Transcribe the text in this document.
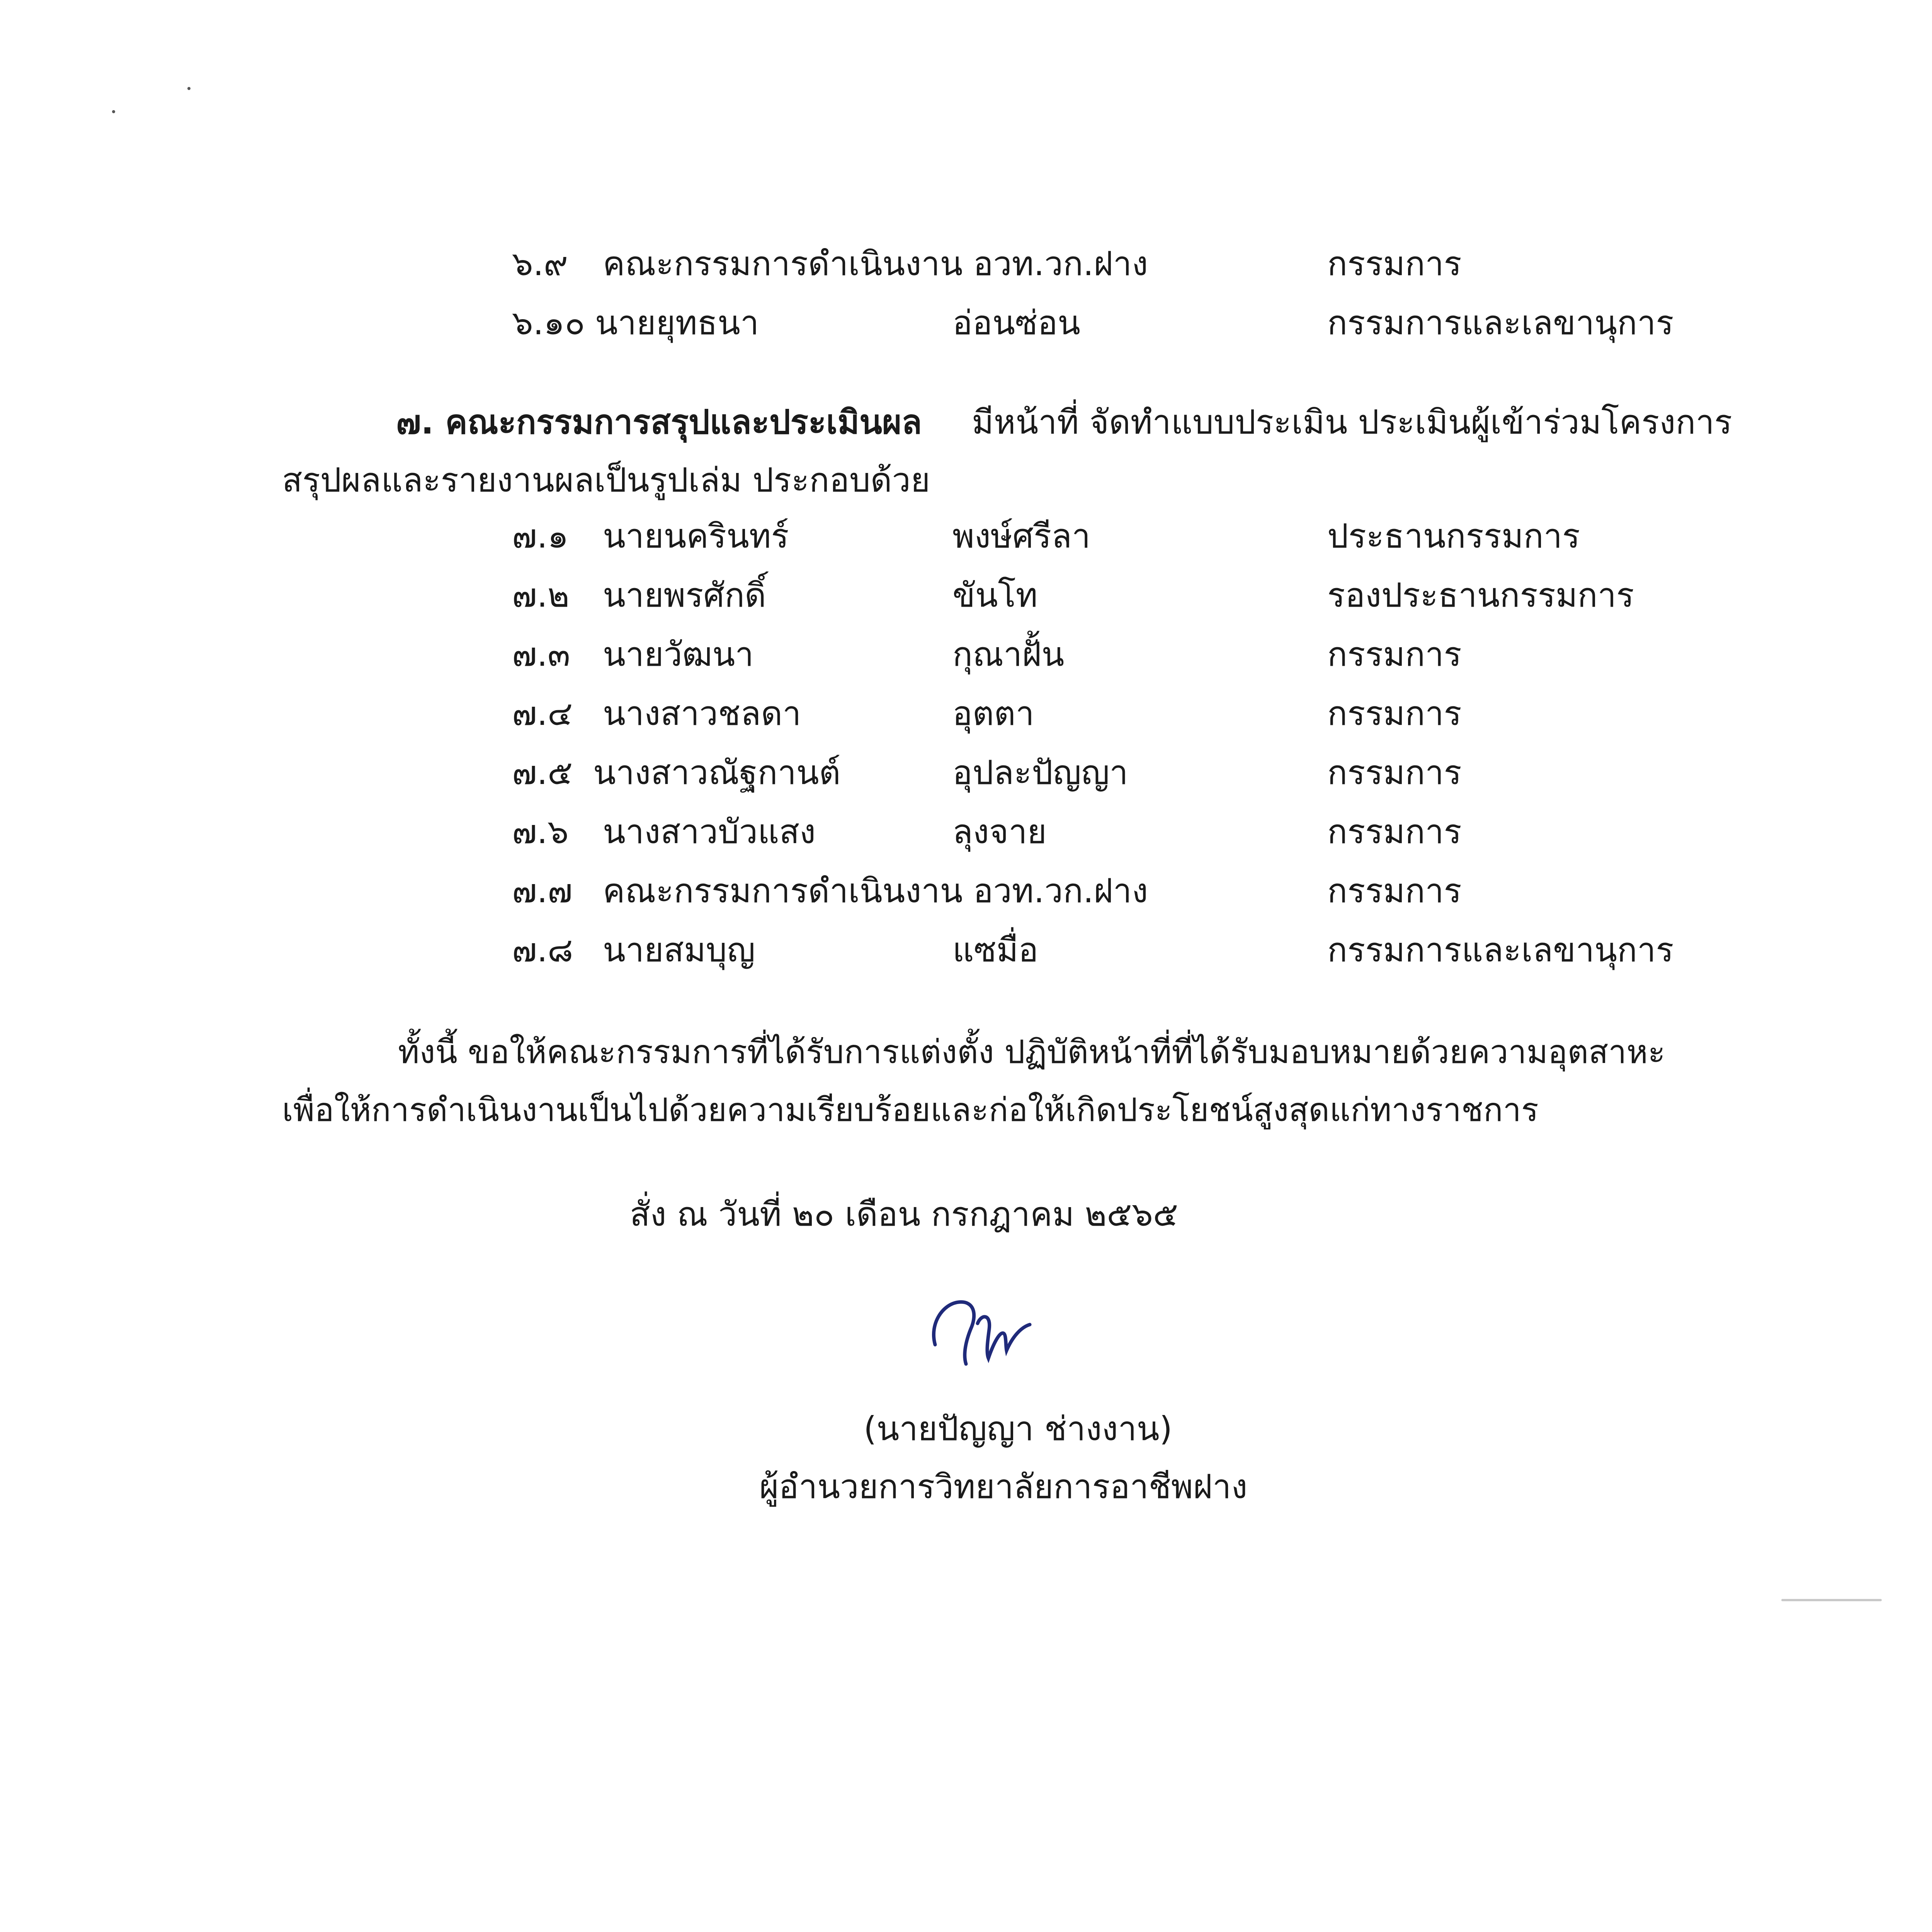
๖.๙ คณะกรรมการดำเนินงาน อวท.วก.ฝาง	กรรมการ
๖.๑๐ นายยุทธนา	อ่อนซ่อน	กรรมการและเลขานุการ
๗. คณะกรรมการสรุปและประเมินผล มีหน้าที่ จัดทำแบบประเมิน ประเมินผู้เข้าร่วมโครงการ
สรุปผลและรายงานผลเป็นรูปเล่ม ประกอบด้วย
๗.๑ นายนครินทร์	พงษ์ศรีลา	ประธานกรรมการ
๗.๒ นายพรศักดิ์	ขันโท	รองประธานกรรมการ
๗.๓ นายวัฒนา	กุณาฝั้น	กรรมการ
๗.๔ นางสาวชลดา	อุตตา	กรรมการ
๗.๕ นางสาวณัฐกานต์	อุปละปัญญา	กรรมการ
๗.๖ นางสาวบัวแสง	ลุงจาย	กรรมการ
๗.๗ คณะกรรมการดำเนินงาน อวท.วก.ฝาง	กรรมการ
๗.๘ นายสมบุญ	แซมื่อ	กรรมการและเลขานุการ
ทั้งนี้ ขอให้คณะกรรมการที่ได้รับการแต่งตั้ง ปฏิบัติหน้าที่ที่ได้รับมอบหมายด้วยความอุตสาหะ
เพื่อให้การดำเนินงานเป็นไปด้วยความเรียบร้อยและก่อให้เกิดประโยชน์สูงสุดแก่ทางราชการ
สั่ง ณ วันที่ ๒๐ เดือน กรกฎาคม ๒๕๖๕
(นายปัญญา ช่างงาน)
ผู้อำนวยการวิทยาลัยการอาชีพฝาง
